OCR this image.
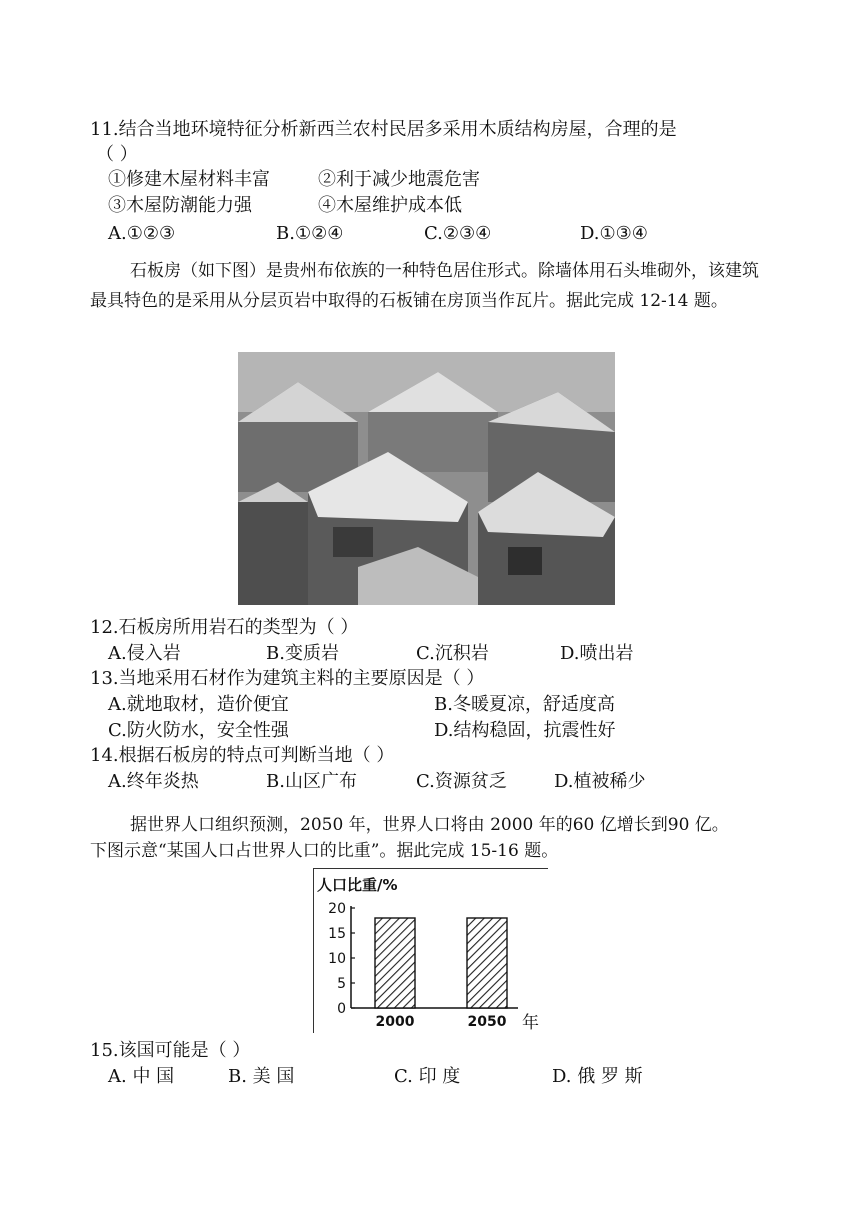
11.结合当地环境特征分析新西兰农村民居多采用木质结构房屋，合理的是
（ ）
①修建木屋材料丰富	②利于减少地震危害
③木屋防潮能力强	④木屋维护成本低
A.①②③	B.①②④	C.②③④	D.①③④
石板房（如下图）是贵州布依族的一种特色居住形式。除墙体用石头堆砌外，该建筑最具特色的是采用从分层页岩中取得的石板铺在房顶当作瓦片。据此完成 12-14 题。
12.石板房所用岩石的类型为（ ）
A.侵入岩	B.变质岩	C.沉积岩	D.喷出岩
13.当地采用石材作为建筑主料的主要原因是（ ）
A.就地取材，造价便宜	B.冬暖夏凉，舒适度高
C.防火防水，安全性强	D.结构稳固，抗震性好
14.根据石板房的特点可判断当地（ ）
A.终年炎热	B.山区广布	C.资源贫乏	D.植被稀少
据世界人口组织预测，2050 年，世界人口将由 2000 年的60 亿增长到90 亿。
下图示意“某国人口占世界人口的比重”。据此完成 15-16 题。
人口比重/%
0
5
10
15
20
2000	2050 年
15.该国可能是（ ）
A. 中 国	B. 美 国	C. 印 度	D. 俄 罗 斯
